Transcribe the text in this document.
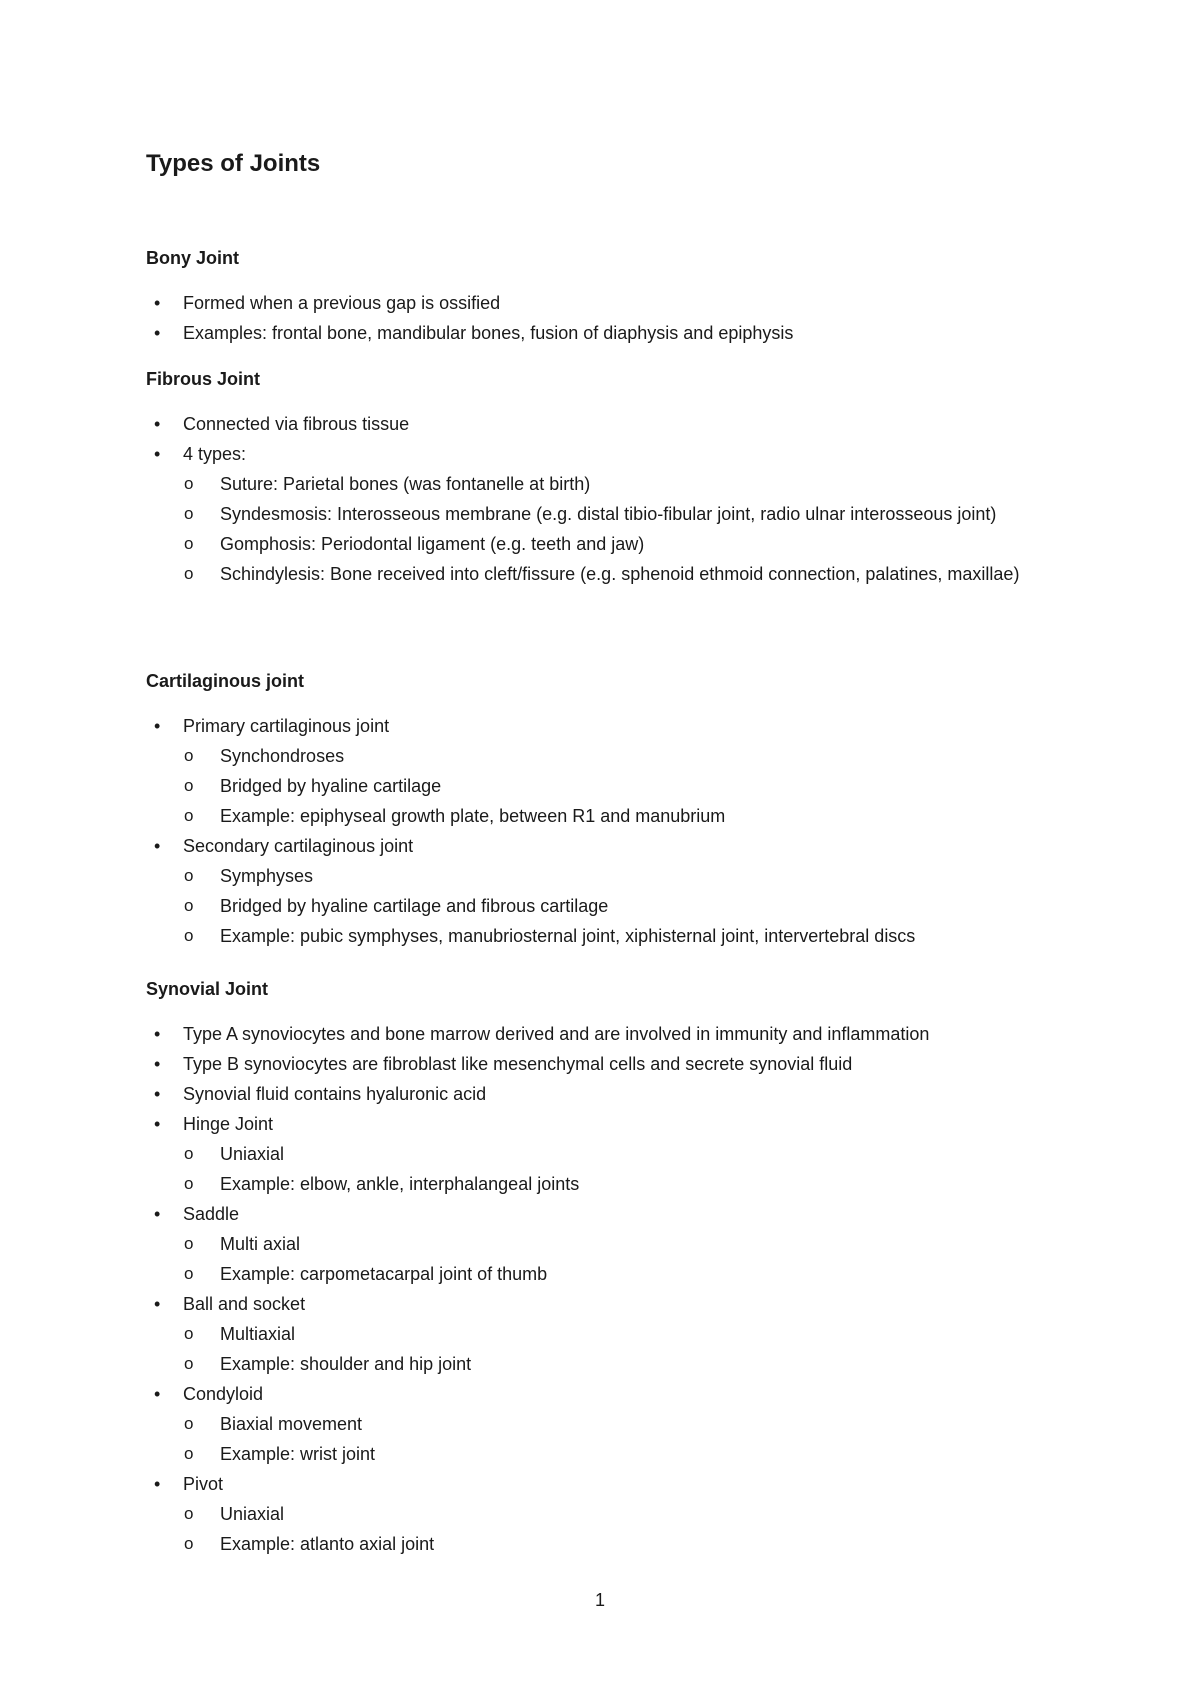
Types of Joints
Bony Joint
• Formed when a previous gap is ossified
• Examples: frontal bone, mandibular bones, fusion of diaphysis and epiphysis
Fibrous Joint
• Connected via fibrous tissue
• 4 types:
o Suture: Parietal bones (was fontanelle at birth)
o Syndesmosis: Interosseous membrane (e.g. distal tibio-fibular joint, radio ulnar interosseous joint)
o Gomphosis: Periodontal ligament (e.g. teeth and jaw)
o Schindylesis: Bone received into cleft/fissure (e.g. sphenoid ethmoid connection, palatines, maxillae)
Cartilaginous joint
• Primary cartilaginous joint
o Synchondroses
o Bridged by hyaline cartilage
o Example: epiphyseal growth plate, between R1 and manubrium
• Secondary cartilaginous joint
o Symphyses
o Bridged by hyaline cartilage and fibrous cartilage
o Example: pubic symphyses, manubriosternal joint, xiphisternal joint, intervertebral discs
Synovial Joint
• Type A synoviocytes and bone marrow derived and are involved in immunity and inflammation
• Type B synoviocytes are fibroblast like mesenchymal cells and secrete synovial fluid
• Synovial fluid contains hyaluronic acid
• Hinge Joint
o Uniaxial
o Example: elbow, ankle, interphalangeal joints
• Saddle
o Multi axial
o Example: carpometacarpal joint of thumb
• Ball and socket
o Multiaxial
o Example: shoulder and hip joint
• Condyloid
o Biaxial movement
o Example: wrist joint
• Pivot
o Uniaxial
o Example: atlanto axial joint
1
